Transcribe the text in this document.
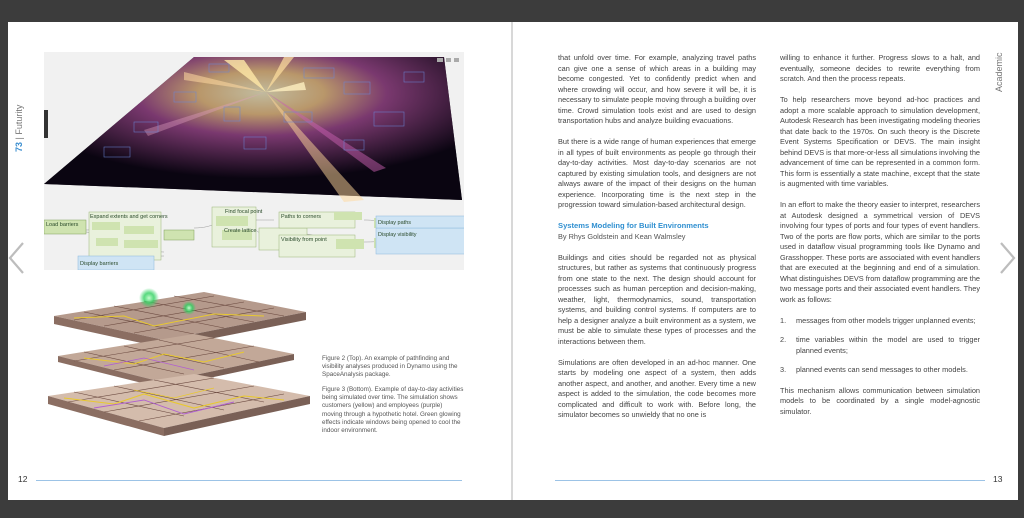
73 | Futurity
Academic
Load barriers
Expand extents and get corners
Find focal point
Paths to corners
Display paths
Create lattice
Visibility from point
Display visibility
Display barriers

Figure 2 (Top). An example of pathfinding and visibility analyses produced in Dynamo using the SpaceAnalysis package.

Figure 3 (Bottom). Example of day-to-day activities being simulated over time. The simulation shows customers (yellow) and employees (purple) moving through a hypothetic hotel. Green glowing effects indicate windows being opened to cool the indoor environment.

that unfold over time. For example, analyzing travel paths can give one a sense of which areas in a building may become congested. Yet to confidently predict when and where crowding will occur, and how severe it will be, it is necessary to simulate people moving through a building over time. Crowd simulation tools exist and are used to design transportation hubs and analyze building evacuations.

But there is a wide range of human experiences that emerge in all types of built environments as people go through their day-to-day activities. Most day-to-day scenarios are not captured by existing simulation tools, and designers are not always aware of the impact of their designs on the human experience. Incorporating time is the next step in the progression toward simulation-based architectural design.

Systems Modeling for Built Environments
By Rhys Goldstein and Kean Walmsley

Buildings and cities should be regarded not as physical structures, but rather as systems that continuously progress from one state to the next. The design should account for processes such as human perception and decision-making, weather, light, thermodynamics, sound, transportation systems, and building control systems. If computers are to help a designer analyze a built environment as a system, we must be able to simulate these types of processes and the interactions between them.

Simulations are often developed in an ad-hoc manner. One starts by modeling one aspect of a system, then adds another aspect, and another, and another. Every time a new aspect is added to the simulation, the code becomes more complicated and difficult to work with. Before long, the simulator becomes so unwieldy that no one is

willing to enhance it further. Progress slows to a halt, and eventually, someone decides to rewrite everything from scratch. And then the process repeats.

To help researchers move beyond ad-hoc practices and adopt a more scalable approach to simulation development, Autodesk Research has been investigating modeling theories that date back to the 1970s. On such theory is the Discrete Event Systems Specification or DEVS. The main insight behind DEVS is that more-or-less all simulations involving the advancement of time can be represented in a common form. This form is essentially a state machine, except that the state is augmented with time variables.

In an effort to make the theory easier to interpret, researchers at Autodesk designed a symmetrical version of DEVS involving four types of ports and four types of event handlers. Two of the ports are flow ports, which are similar to the ports used in dataflow visual programming tools like Dynamo and Grasshopper. These ports are associated with event handlers that are executed at the beginning and end of a simulation. What distinguishes DEVS from dataflow programming are the two message ports and their associated event handlers. They work as follows:

1. messages from other models trigger unplanned events;
2. time variables within the model are used to trigger planned events;
3. planned events can send messages to other models.

This mechanism allows communication between simulation models to be coordinated by a single model-agnostic simulator.

12	13
